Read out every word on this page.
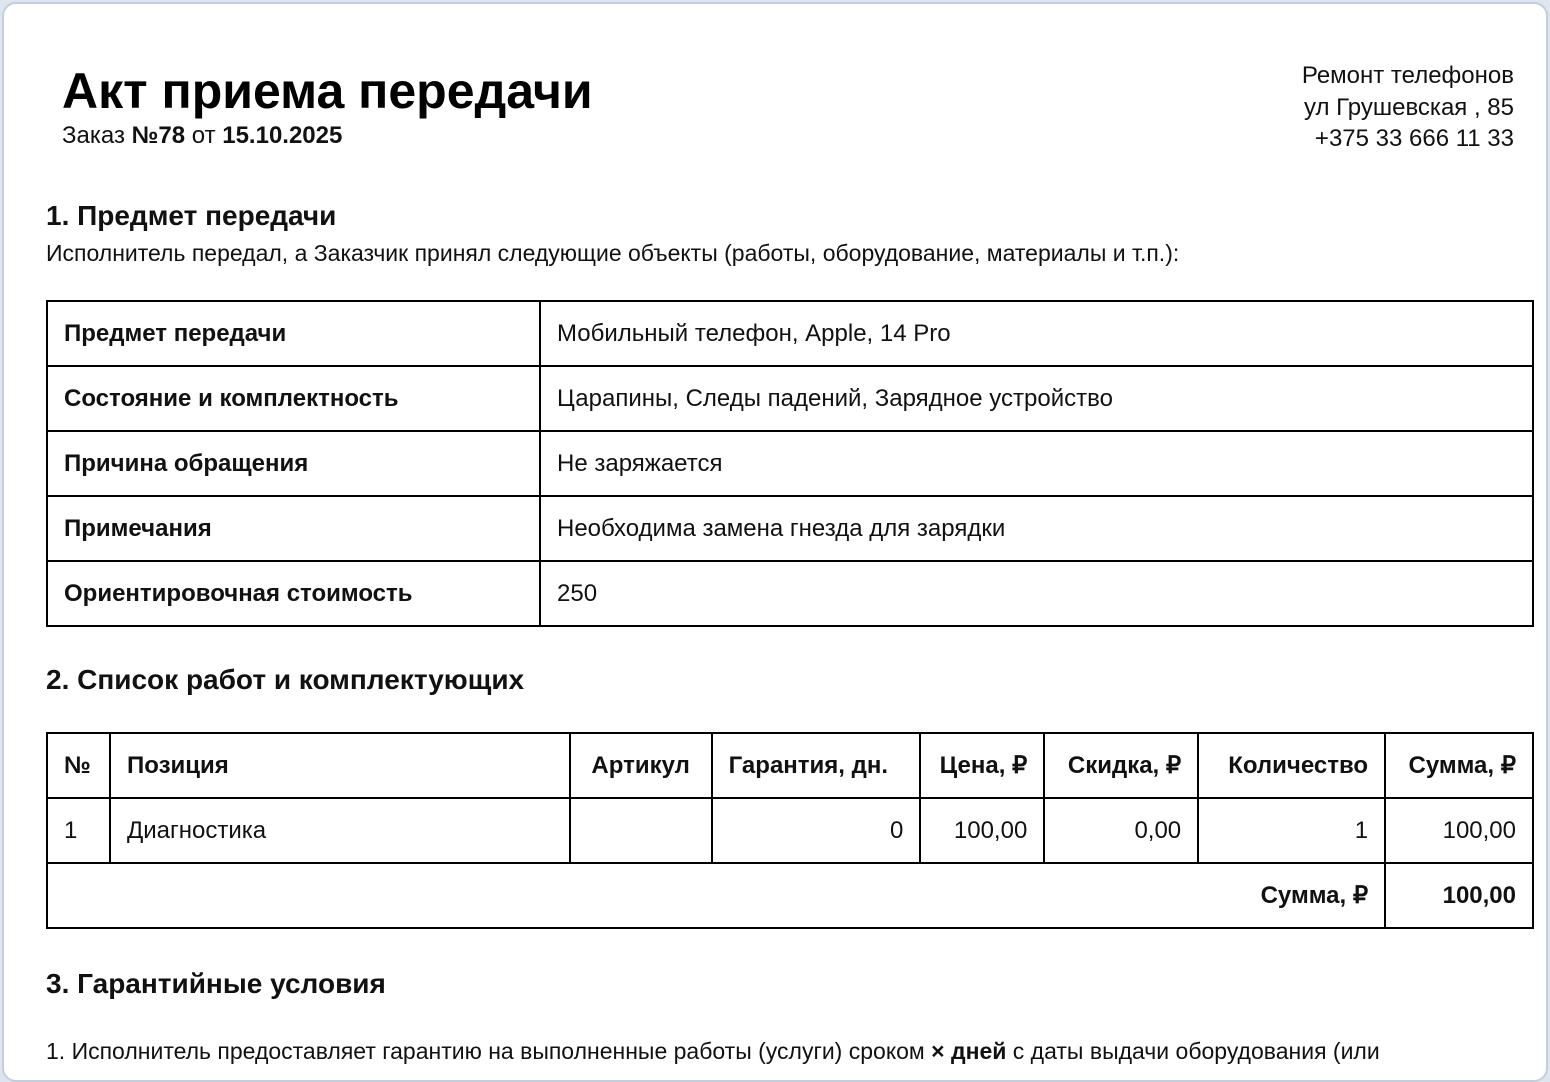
Акт приема передачи
Заказ №78 от 15.10.2025
Ремонт телефонов
ул Грушевская , 85
+375 33 666 11 33
1. Предмет передачи
Исполнитель передал, а Заказчик принял следующие объекты (работы, оборудование, материалы и т.п.):
Предмет передачи	Мобильный телефон, Apple, 14 Pro
Состояние и комплектность	Царапины, Следы падений, Зарядное устройство
Причина обращения	Не заряжается
Примечания	Необходима замена гнезда для зарядки
Ориентировочная стоимость	250
2. Список работ и комплектующих
№	Позиция	Артикул	Гарантия, дн.	Цена, ₽	Скидка, ₽	Количество	Сумма, ₽
1	Диагностика		0	100,00	0,00	1	100,00
Сумма, ₽							100,00
3. Гарантийные условия
1. Исполнитель предоставляет гарантию на выполненные работы (услуги) сроком × дней с даты выдачи оборудования (или
